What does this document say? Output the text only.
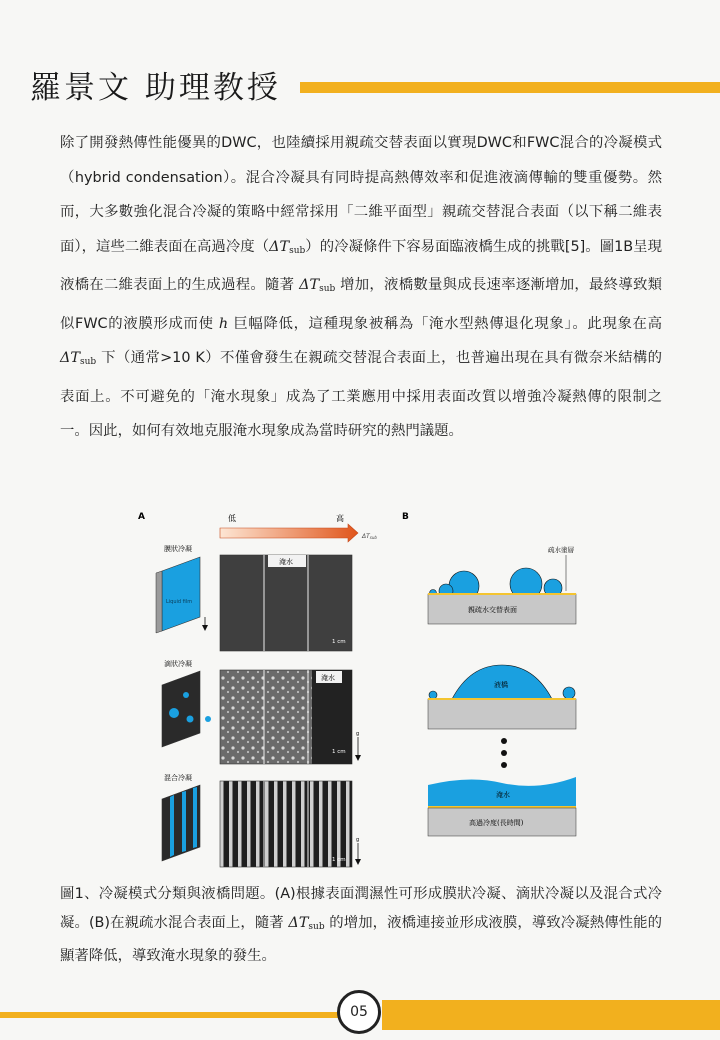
羅景文 助理教授

除了開發熱傳性能優異的DWC，也陸續採用親疏交替表面以實現DWC和FWC混合的冷凝模式（hybrid condensation）。混合冷凝具有同時提高熱傳效率和促進液滴傳輸的雙重優勢。然而，大多數強化混合冷凝的策略中經常採用「二維平面型」親疏交替混合表面（以下稱二維表面），這些二維表面在高過冷度$(\Delta T_{sub})$的冷凝條件下容易面臨液橋生成的挑戰[5]。圖1B呈現液橋在二維表面上的生成過程。隨著 $\Delta T_{sub}$ 增加，液橋數量與成長速率逐漸增加，最終導致類似FWC的液膜形成而使 h 巨幅降低，這種現象被稱為「淹水型熱傳退化現象」。此現象在高 $\Delta T_{sub}$ 下（通常>10 K）不僅會發生在親疏交替混合表面上，也普遍出現在具有微奈米結構的表面上。不可避免的「淹水現象」成為了工業應用中採用表面改質以增強冷凝熱傳的限制之一。因此，如何有效地克服淹水現象成為當時研究的熱門議題。

A	低	高
ΔTsub
膜狀冷凝
Liquid film
淹水
1 cm
滴狀冷凝
淹水
1 cm
g
混合冷凝
1 cm
g
B
疏水塗層
親疏水交替表面
液橋
淹水
高過冷度(長時間)

圖1、冷凝模式分類與液橋問題。(A)根據表面潤濕性可形成膜狀冷凝、滴狀冷凝以及混合式冷凝。(B)在親疏水混合表面上，隨著 $\Delta T_{sub}$ 的增加，液橋連接並形成液膜，導致冷凝熱傳性能的顯著降低，導致淹水現象的發生。

05
